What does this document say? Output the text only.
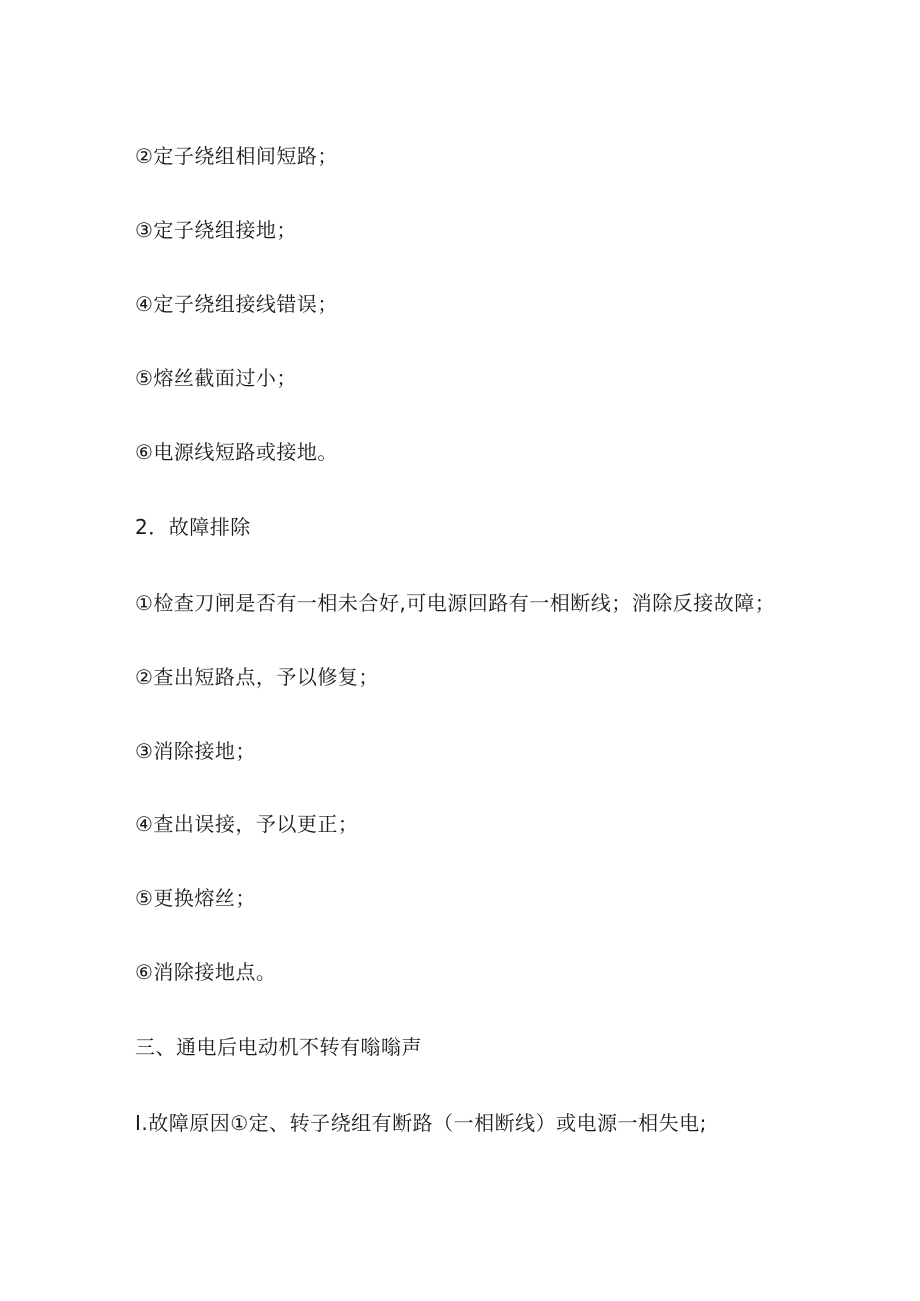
②定子绕组相间短路；

③定子绕组接地；

④定子绕组接线错误；

⑤熔丝截面过小；

⑥电源线短路或接地。

2．故障排除

①检查刀闸是否有一相未合好,可电源回路有一相断线；消除反接故障；

②查出短路点，予以修复；

③消除接地；

④查出误接，予以更正；

⑤更换熔丝；

⑥消除接地点。

三、通电后电动机不转有嗡嗡声

I.故障原因①定、转子绕组有断路（一相断线）或电源一相失电;
